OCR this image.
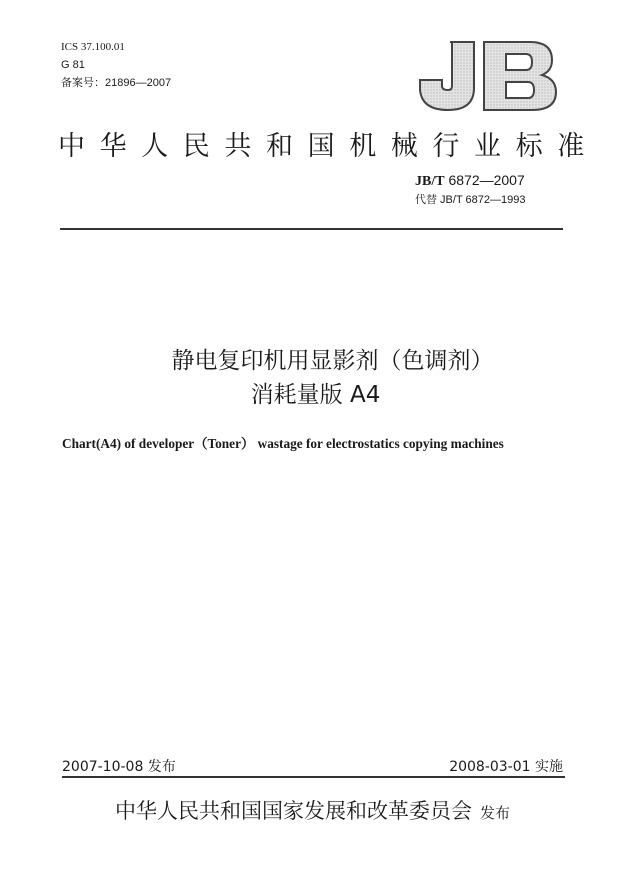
ICS 37.100.01
G 81
备案号：21896—2007
中华人民共和国机械行业标准
JB/T 6872—2007
代替 JB/T 6872—1993
静电复印机用显影剂（色调剂）
消耗量版 A4
Chart(A4) of developer（Toner） wastage for electrostatics copying machines
2007-10-08 发布	2008-03-01 实施
中华人民共和国国家发展和改革委员会 发布
